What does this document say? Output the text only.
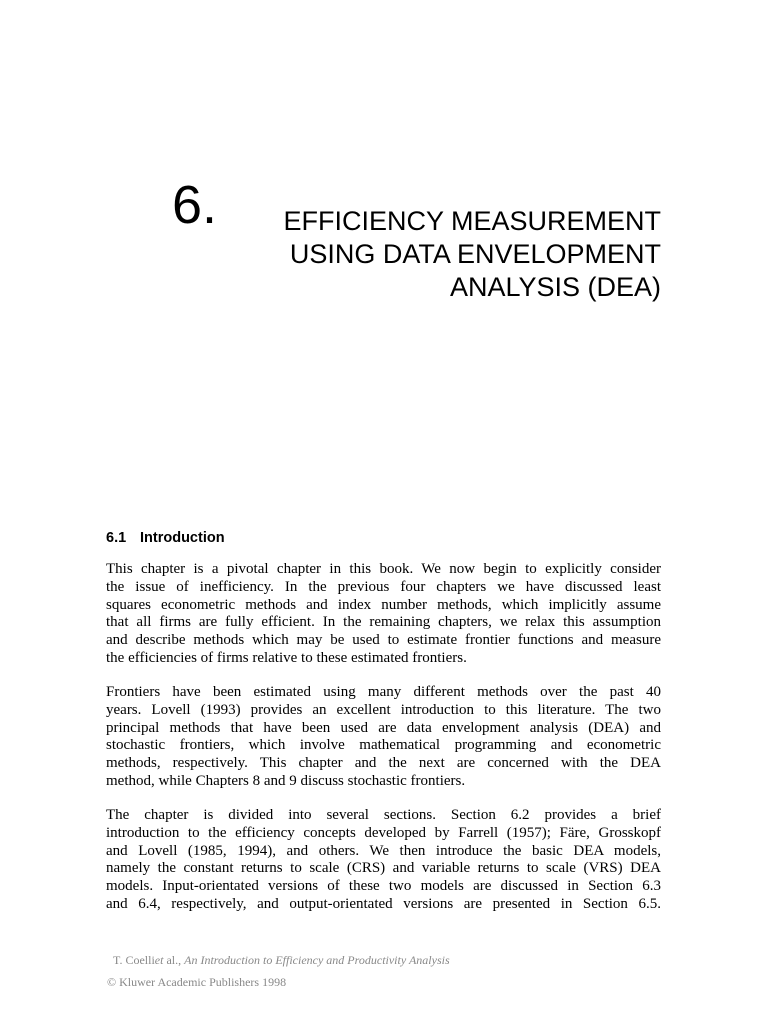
6.	EFFICIENCY MEASUREMENT
USING DATA ENVELOPMENT
ANALYSIS (DEA)
6.1 Introduction
This chapter is a pivotal chapter in this book. We now begin to explicitly consider
the issue of inefficiency. In the previous four chapters we have discussed least
squares econometric methods and index number methods, which implicitly assume
that all firms are fully efficient. In the remaining chapters, we relax this assumption
and describe methods which may be used to estimate frontier functions and measure
the efficiencies of firms relative to these estimated frontiers.
Frontiers have been estimated using many different methods over the past 40
years. Lovell (1993) provides an excellent introduction to this literature. The two
principal methods that have been used are data envelopment analysis (DEA) and
stochastic frontiers, which involve mathematical programming and econometric
methods, respectively. This chapter and the next are concerned with the DEA
method, while Chapters 8 and 9 discuss stochastic frontiers.
The chapter is divided into several sections. Section 6.2 provides a brief
introduction to the efficiency concepts developed by Farrell (1957); Färe, Grosskopf
and Lovell (1985, 1994), and others. We then introduce the basic DEA models,
namely the constant returns to scale (CRS) and variable returns to scale (VRS) DEA
models. Input-orientated versions of these two models are discussed in Section 6.3
and 6.4, respectively, and output-orientated versions are presented in Section 6.5.
T. Coelliet al., An Introduction to Efficiency and Productivity Analysis
© Kluwer Academic Publishers 1998
